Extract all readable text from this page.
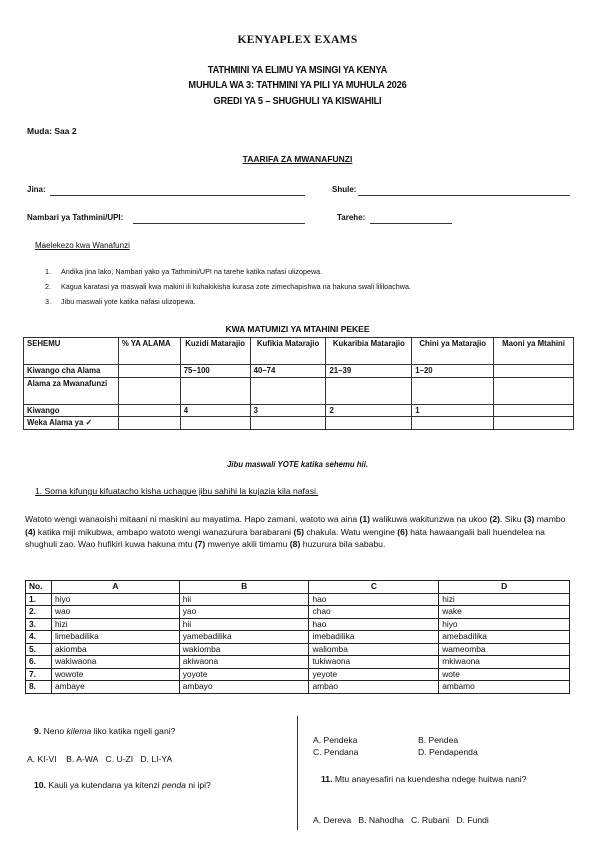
KENYAPLEX EXAMS
TATHMINI YA ELIMU YA MSINGI YA KENYA
MUHULA WA 3: TATHMINI YA PILI YA MUHULA 2026
GREDI YA 5 – SHUGHULI YA KISWAHILI
Muda: Saa 2
TAARIFA ZA MWANAFUNZI
Jina:	Shule:
Nambari ya Tathmini/UPI:	Tarehe:
Maelekezo kwa Wanafunzi
1. Andika jina lako, Nambari yako ya Tathmini/UPI na tarehe katika nafasi ulizopewa.
2. Kagua karatasi ya maswali kwa makini ili kuhakikisha kurasa zote zimechapishwa na hakuna swali lililoachwa.
3. Jibu maswali yote katika nafasi ulizopewa.
KWA MATUMIZI YA MTAHINI PEKEE
SEHEMU	% YA ALAMA	Kuzidi Matarajio	Kufikia Matarajio	Kukaribia Matarajio	Chini ya Matarajio	Maoni ya Mtahini
Kiwango cha Alama		75–100	40–74	21–39	1–20	
Alama za Mwanafunzi						
Kiwango		4	3	2	1	
Weka Alama ya ✓						
Jibu maswali YOTE katika sehemu hii.
1. Soma kifungu kifuatacho kisha uchague jibu sahihi la kujazia kila nafasi.
Watoto wengi wanaoishi mitaani ni maskini au mayatima. Hapo zamani, watoto wa aina (1) walikuwa wakitunzwa na ukoo (2). Siku (3) mambo (4) katika miji mikubwa, ambapo watoto wengi wanazurura barabarani (5) chakula. Watu wengine (6) hata hawaangalii bali huendelea na shughuli zao. Wao hufikiri kuwa hakuna mtu (7) mwenye akili timamu (8) huzurura bila sababu.
No.	A	B	C	D
1.	hiyo	hii	hao	hizi
2.	wao	yao	chao	wake
3.	hizi	hii	hao	hiyo
4.	limebadilika	yamebadilika	imebadilika	amebadilika
5.	akiomba	wakiomba	waliomba	wameomba
6.	wakiwaona	akiwaona	tukiwaona	mkiwaona
7.	wowote	yoyote	yeyote	wote
8.	ambaye	ambayo	ambao	ambamo
9. Neno kilema liko katika ngeli gani?
A. KI-VI B. A-WA C. U-ZI D. LI-YA
10. Kauli ya kutendana ya kitenzi penda ni ipi?
A. Pendeka	B. Pendea
C. Pendana	D. Pendapenda
11. Mtu anayesafiri na kuendesha ndege huitwa nani?
A. Dereva B. Nahodha C. Rubani D. Fundi
